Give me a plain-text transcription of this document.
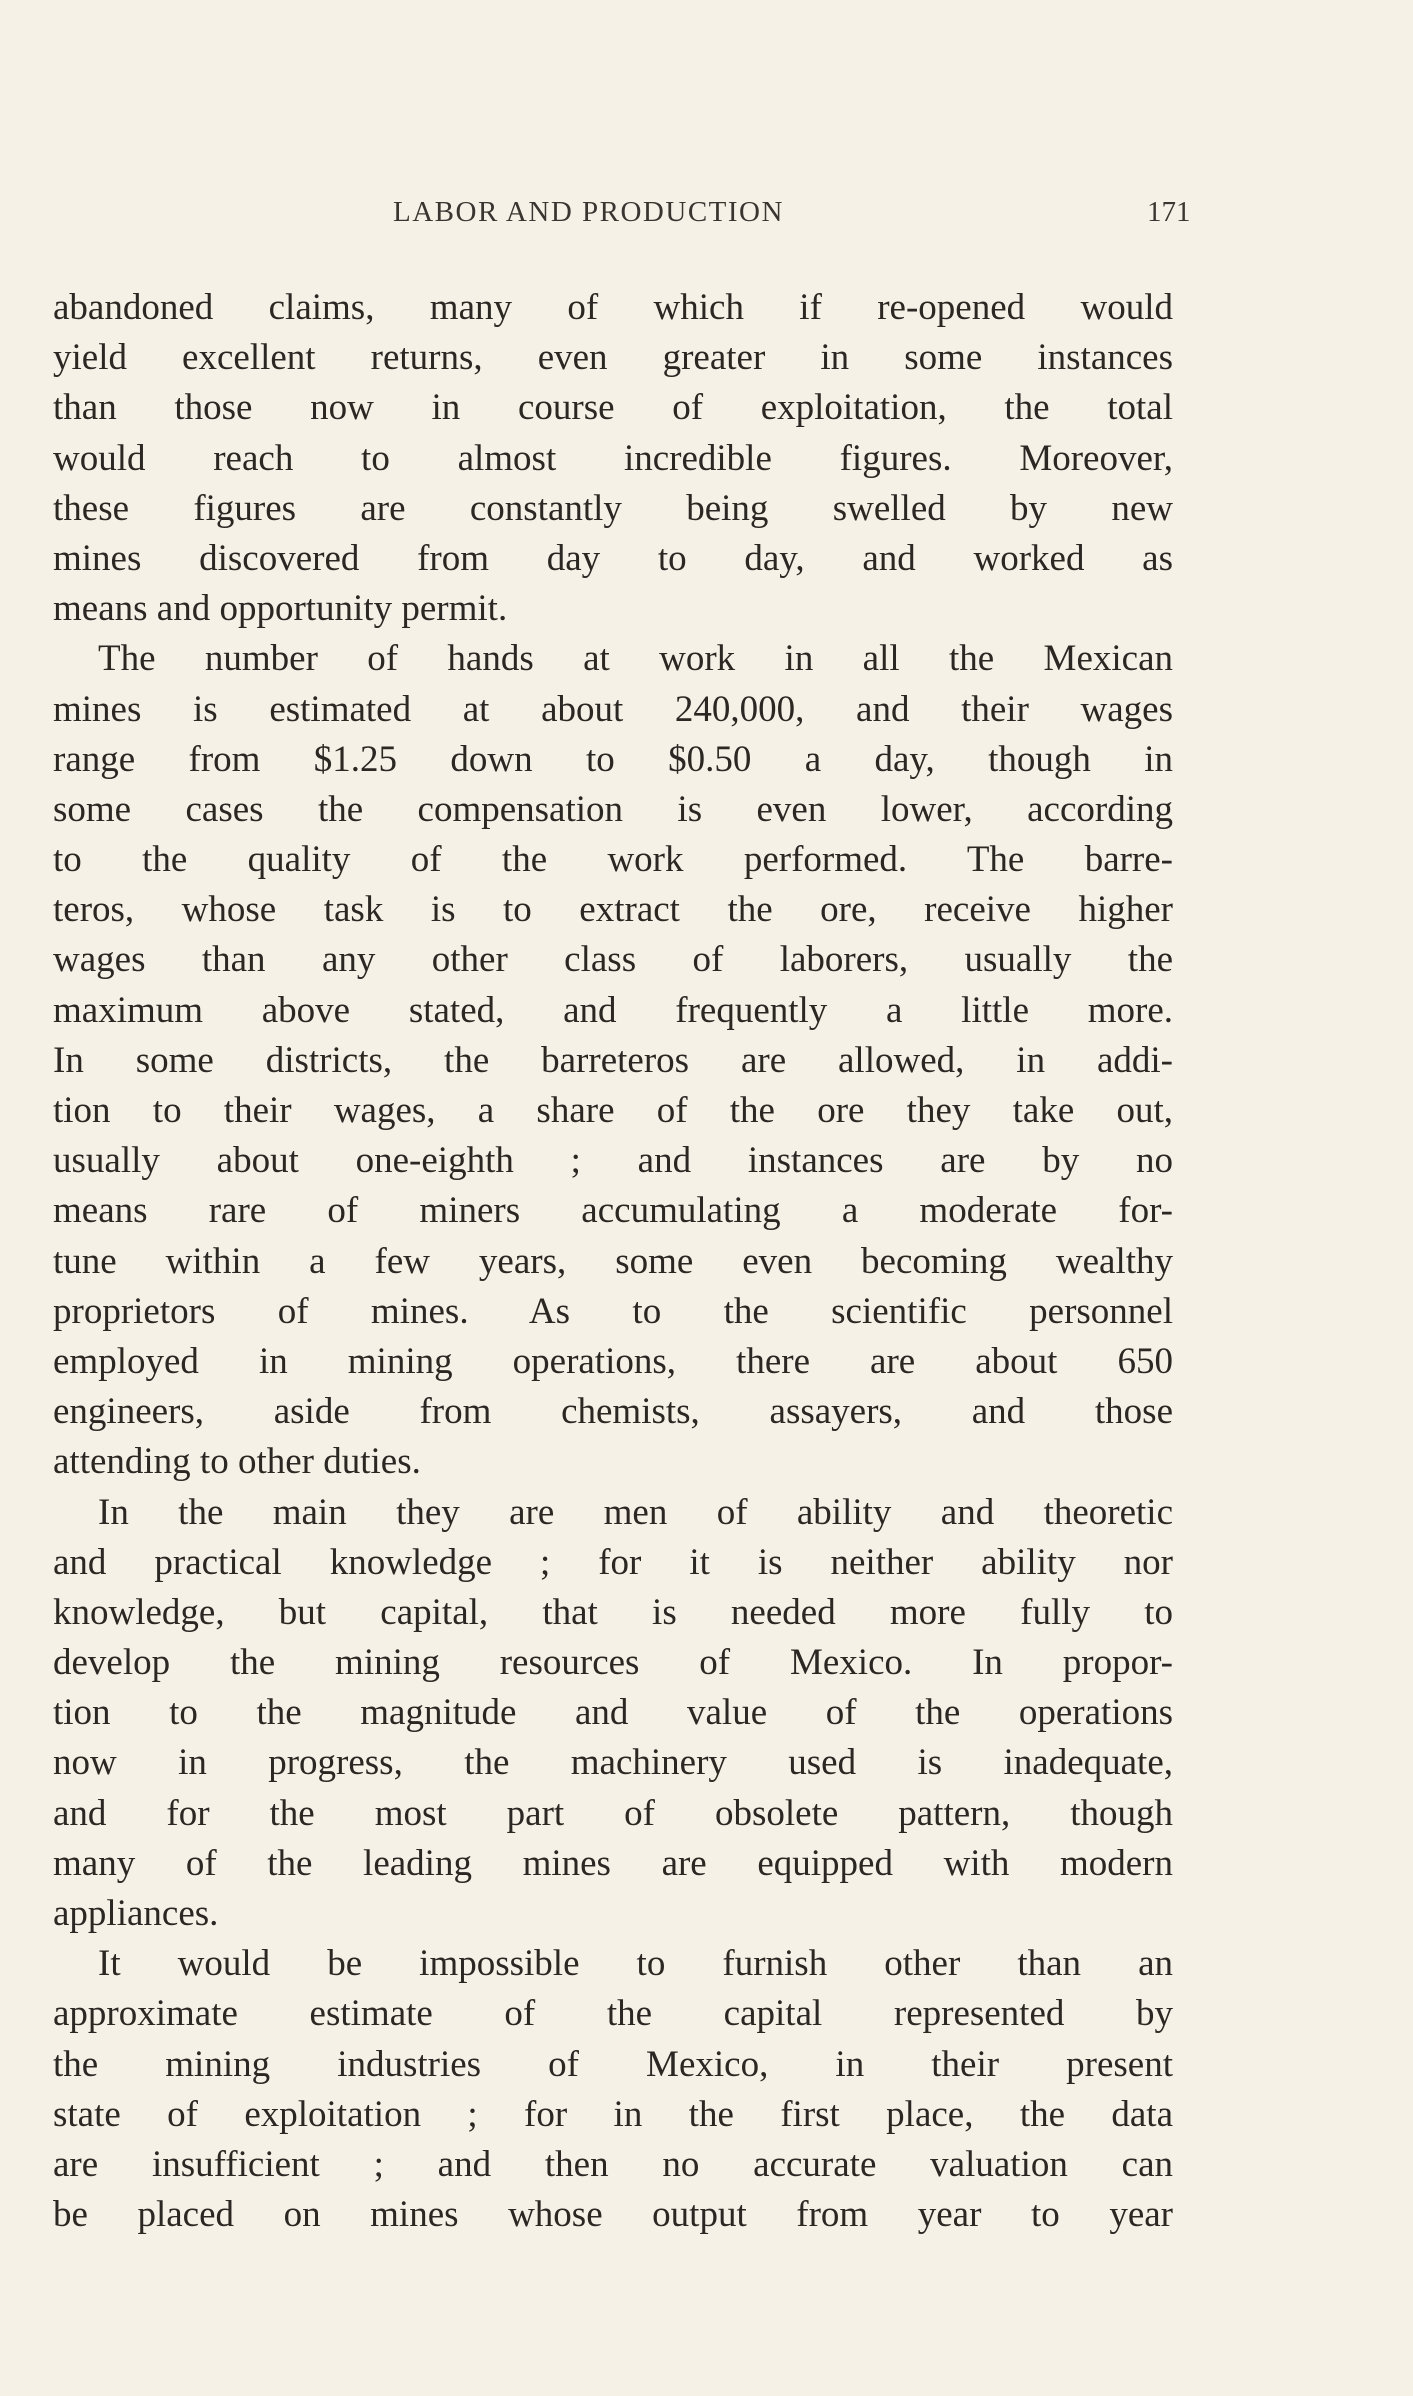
LABOR AND PRODUCTION	171
abandoned claims, many of which if re-opened would
yield excellent returns, even greater in some instances
than those now in course of exploitation, the total
would reach to almost incredible figures. Moreover,
these figures are constantly being swelled by new
mines discovered from day to day, and worked as
means and opportunity permit.
The number of hands at work in all the Mexican
mines is estimated at about 240,000, and their wages
range from $1.25 down to $0.50 a day, though in
some cases the compensation is even lower, according
to the quality of the work performed. The barre-
teros, whose task is to extract the ore, receive higher
wages than any other class of laborers, usually the
maximum above stated, and frequently a little more.
In some districts, the barreteros are allowed, in addi-
tion to their wages, a share of the ore they take out,
usually about one-eighth ; and instances are by no
means rare of miners accumulating a moderate for-
tune within a few years, some even becoming wealthy
proprietors of mines. As to the scientific personnel
employed in mining operations, there are about 650
engineers, aside from chemists, assayers, and those
attending to other duties.
In the main they are men of ability and theoretic
and practical knowledge ; for it is neither ability nor
knowledge, but capital, that is needed more fully to
develop the mining resources of Mexico. In propor-
tion to the magnitude and value of the operations
now in progress, the machinery used is inadequate,
and for the most part of obsolete pattern, though
many of the leading mines are equipped with modern
appliances.
It would be impossible to furnish other than an
approximate estimate of the capital represented by
the mining industries of Mexico, in their present
state of exploitation ; for in the first place, the data
are insufficient ; and then no accurate valuation can
be placed on mines whose output from year to year
